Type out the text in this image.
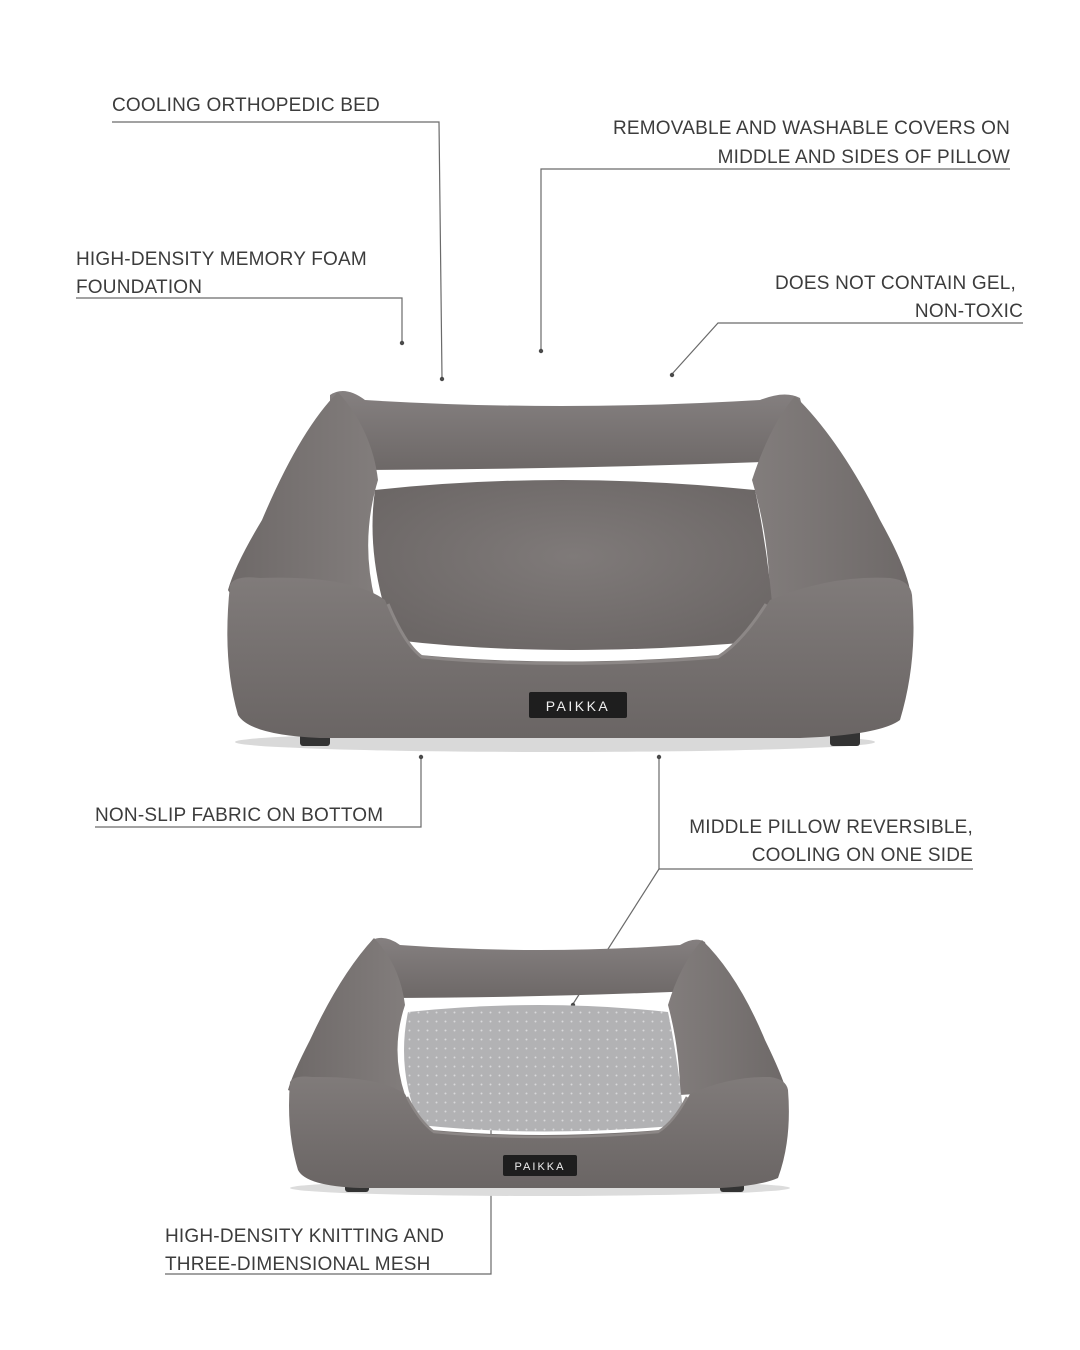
PAIKKA
PAIKKA

COOLING ORTHOPEDIC BED

REMOVABLE AND WASHABLE COVERS ON

MIDDLE AND SIDES OF PILLOW

HIGH-DENSITY MEMORY FOAM

FOUNDATION	DOES NOT CONTAIN GEL,

NON-TOXIC

NON-SLIP FABRIC ON BOTTOM

MIDDLE PILLOW REVERSIBLE,

COOLING ON ONE SIDE

HIGH-DENSITY KNITTING AND

THREE-DIMENSIONAL MESH
